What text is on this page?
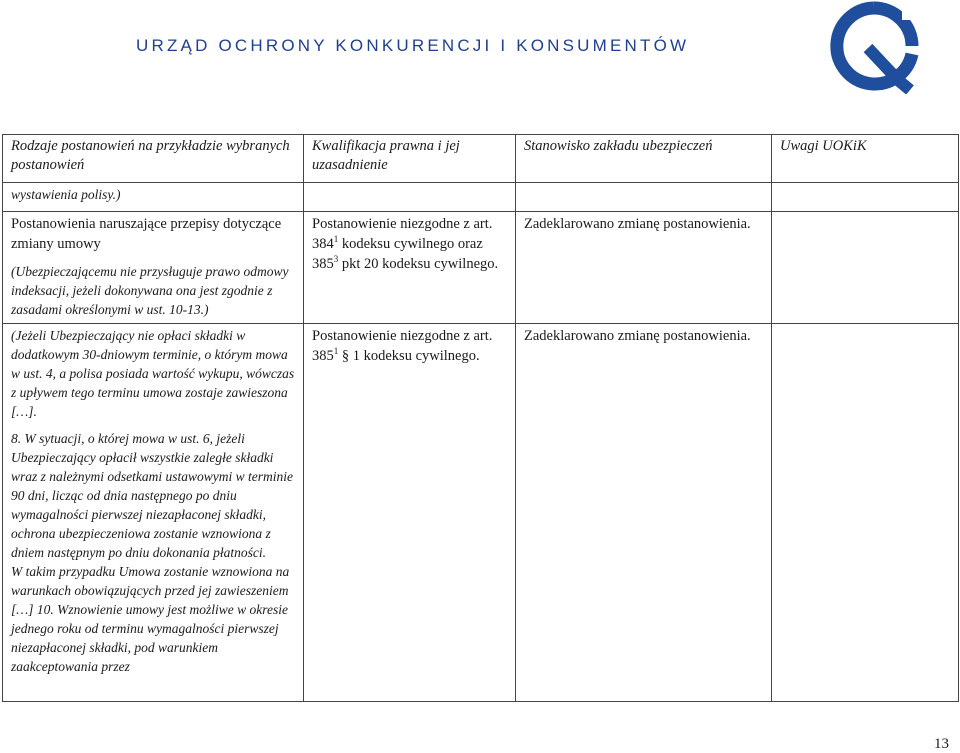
URZĄD OCHRONY KONKURENCJI I KONSUMENTÓW
Rodzaje postanowień na przykładzie wybranych postanowień	Kwalifikacja prawna i jej uzasadnienie	Stanowisko zakładu ubezpieczeń	Uwagi UOKiK
wystawienia polisy.)			

Postanowienia naruszające przepisy dotyczące zmiany umowy
(Ubezpieczającemu nie przysługuje prawo odmowy indeksacji, jeżeli dokonywana ona jest zgodnie z zasadami określonymi w ust. 10-13.)	Postanowienie niezgodne z art. $384^1$ kodeksu cywilnego oraz $385^3$ pkt 20 kodeksu cywilnego.	Zadeklarowano zmianę postanowienia.	

(Jeżeli Ubezpieczający nie opłaci składki w dodatkowym 30-dniowym terminie, o którym mowa w ust. 4, a polisa posiada wartość wykupu, wówczas z upływem tego terminu umowa zostaje zawieszona […].
8. W sytuacji, o której mowa w ust. 6, jeżeli Ubezpieczający opłacił wszystkie zaległe składki wraz z należnymi odsetkami ustawowymi w terminie 90 dni, licząc od dnia następnego po dniu wymagalności pierwszej niezapłaconej składki, ochrona ubezpieczeniowa zostanie wznowiona z dniem następnym po dniu dokonania płatności.
W takim przypadku Umowa zostanie wznowiona na warunkach obowiązujących przed jej zawieszeniem […] 10. Wznowienie umowy jest możliwe w okresie jednego roku od terminu wymagalności pierwszej niezapłaconej składki, pod warunkiem zaakceptowania przez	Postanowienie niezgodne z art. $385^1$ § 1 kodeksu cywilnego.	Zadeklarowano zmianę postanowienia.	
13
